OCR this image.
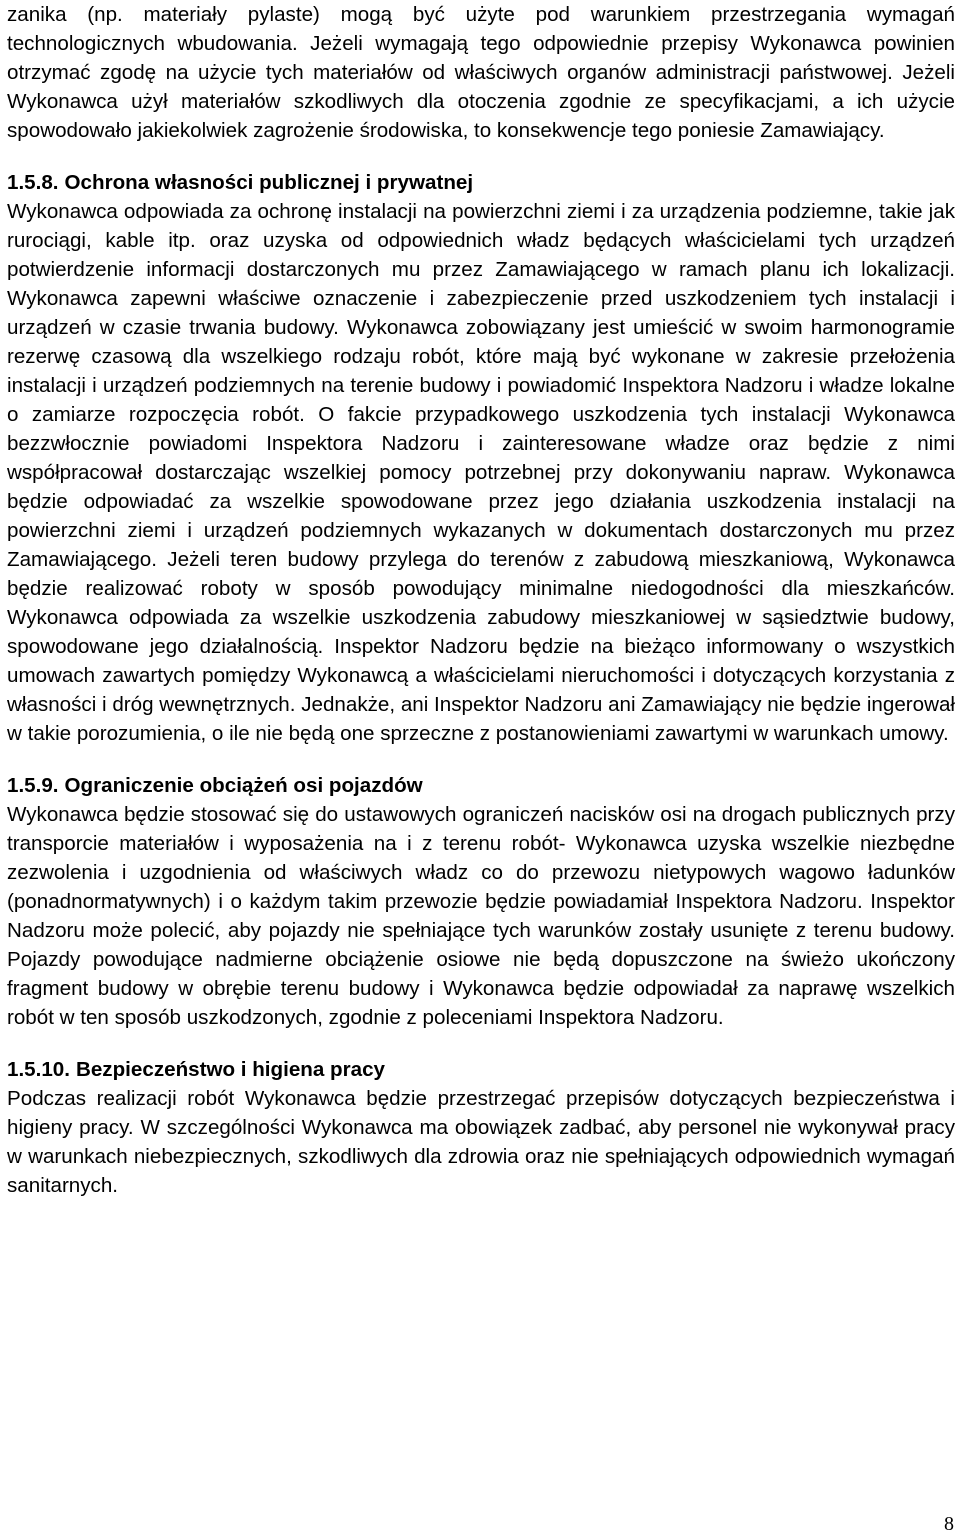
zanika (np. materiały pylaste) mogą być użyte pod warunkiem przestrzegania wymagań technologicznych wbudowania. Jeżeli wymagają tego odpowiednie przepisy Wykonawca powinien otrzymać zgodę na użycie tych materiałów od właściwych organów administracji państwowej. Jeżeli Wykonawca użył materiałów szkodliwych dla otoczenia zgodnie ze specyfikacjami, a ich użycie spowodowało jakiekolwiek zagrożenie środowiska, to konsekwencje tego poniesie Zamawiający.

1.5.8. Ochrona własności publicznej i prywatnej

Wykonawca odpowiada za ochronę instalacji na powierzchni ziemi i za urządzenia podziemne, takie jak rurociągi, kable itp. oraz uzyska od odpowiednich władz będących właścicielami tych urządzeń potwierdzenie informacji dostarczonych mu przez Zamawiającego w ramach planu ich lokalizacji. Wykonawca zapewni właściwe oznaczenie i zabezpieczenie przed uszkodzeniem tych instalacji i urządzeń w czasie trwania budowy. Wykonawca zobowiązany jest umieścić w swoim harmonogramie rezerwę czasową dla wszelkiego rodzaju robót, które mają być wykonane w zakresie przełożenia instalacji i urządzeń podziemnych na terenie budowy i powiadomić Inspektora Nadzoru i władze lokalne o zamiarze rozpoczęcia robót. O fakcie przypadkowego uszkodzenia tych instalacji Wykonawca bezzwłocznie powiadomi Inspektora Nadzoru i zainteresowane władze oraz będzie z nimi współpracował dostarczając wszelkiej pomocy potrzebnej przy dokonywaniu napraw. Wykonawca będzie odpowiadać za wszelkie spowodowane przez jego działania uszkodzenia instalacji na powierzchni ziemi i urządzeń podziemnych wykazanych w dokumentach dostarczonych mu przez Zamawiającego. Jeżeli teren budowy przylega do terenów z zabudową mieszkaniową, Wykonawca będzie realizować roboty w sposób powodujący minimalne niedogodności dla mieszkańców. Wykonawca odpowiada za wszelkie uszkodzenia zabudowy mieszkaniowej w sąsiedztwie budowy, spowodowane jego działalnością. Inspektor Nadzoru będzie na bieżąco informowany o wszystkich umowach zawartych pomiędzy Wykonawcą a właścicielami nieruchomości i dotyczących korzystania z własności i dróg wewnętrznych. Jednakże, ani Inspektor Nadzoru ani Zamawiający nie będzie ingerował w takie porozumienia, o ile nie będą one sprzeczne z postanowieniami zawartymi w warunkach umowy.

1.5.9. Ograniczenie obciążeń osi pojazdów

Wykonawca będzie stosować się do ustawowych ograniczeń nacisków osi na drogach publicznych przy transporcie materiałów i wyposażenia na i z terenu robót- Wykonawca uzyska wszelkie niezbędne zezwolenia i uzgodnienia od właściwych władz co do przewozu nietypowych wagowo ładunków (ponadnormatywnych) i o każdym takim przewozie będzie powiadamiał Inspektora Nadzoru. Inspektor Nadzoru może polecić, aby pojazdy nie spełniające tych warunków zostały usunięte z terenu budowy. Pojazdy powodujące nadmierne obciążenie osiowe nie będą dopuszczone na świeżo ukończony fragment budowy w obrębie terenu budowy i Wykonawca będzie odpowiadał za naprawę wszelkich robót w ten sposób uszkodzonych, zgodnie z poleceniami Inspektora Nadzoru.

1.5.10. Bezpieczeństwo i higiena pracy

Podczas realizacji robót Wykonawca będzie przestrzegać przepisów dotyczących bezpieczeństwa i higieny pracy. W szczególności Wykonawca ma obowiązek zadbać, aby personel nie wykonywał pracy w warunkach niebezpiecznych, szkodliwych dla zdrowia oraz nie spełniających odpowiednich wymagań sanitarnych.

8
